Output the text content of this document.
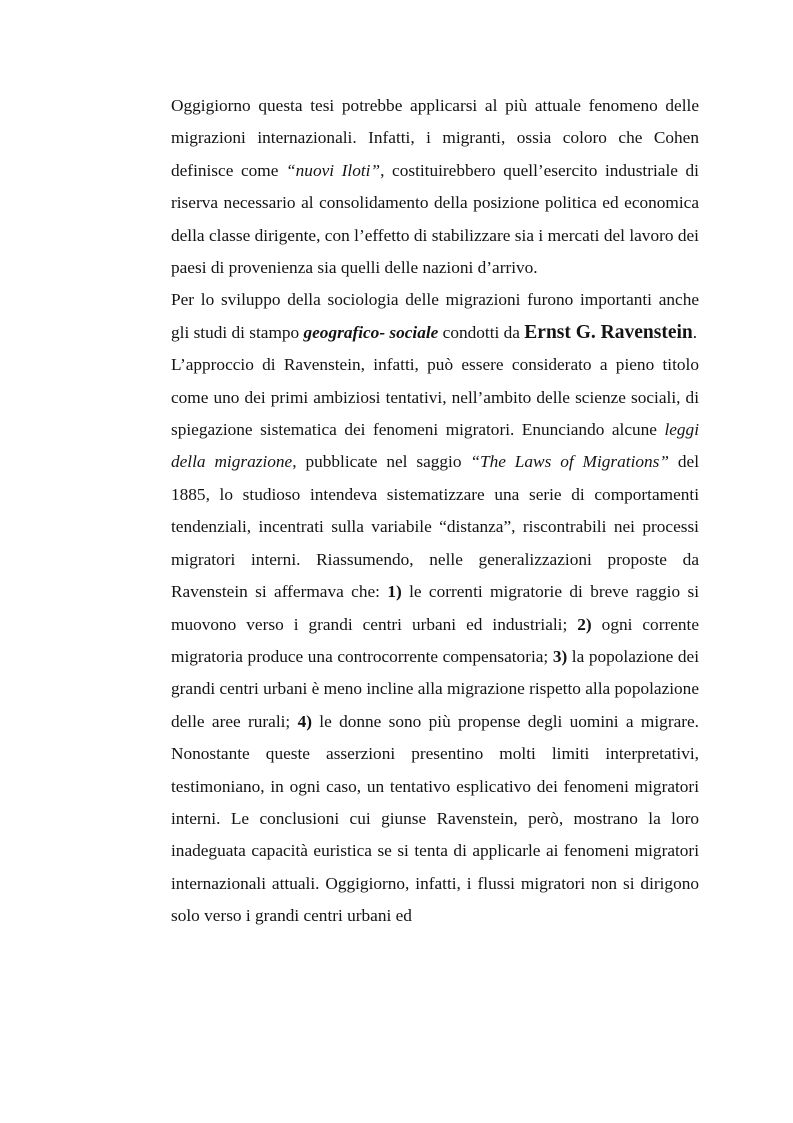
Oggigiorno questa tesi potrebbe applicarsi al più attuale fenomeno delle migrazioni internazionali. Infatti, i migranti, ossia coloro che Cohen definisce come “nuovi Iloti”, costituirebbero quell’esercito industriale di riserva necessario al consolidamento della posizione politica ed economica della classe dirigente, con l’effetto di stabilizzare sia i mercati del lavoro dei paesi di provenienza sia quelli delle nazioni d’arrivo.

Per lo sviluppo della sociologia delle migrazioni furono importanti anche gli studi di stampo geografico- sociale condotti da Ernst G. Ravenstein.

L’approccio di Ravenstein, infatti, può essere considerato a pieno titolo come uno dei primi ambiziosi tentativi, nell’ambito delle scienze sociali, di spiegazione sistematica dei fenomeni migratori. Enunciando alcune leggi della migrazione, pubblicate nel saggio “The Laws of Migrations” del 1885, lo studioso intendeva sistematizzare una serie di comportamenti tendenziali, incentrati sulla variabile “distanza”, riscontrabili nei processi migratori interni. Riassumendo, nelle generalizzazioni proposte da Ravenstein si affermava che: 1) le correnti migratorie di breve raggio si muovono verso i grandi centri urbani ed industriali; 2) ogni corrente migratoria produce una controcorrente compensatoria; 3) la popolazione dei grandi centri urbani è meno incline alla migrazione rispetto alla popolazione delle aree rurali; 4) le donne sono più propense degli uomini a migrare. Nonostante queste asserzioni presentino molti limiti interpretativi, testimoniano, in ogni caso, un tentativo esplicativo dei fenomeni migratori interni. Le conclusioni cui giunse Ravenstein, però, mostrano la loro inadeguata capacità euristica se si tenta di applicarle ai fenomeni migratori internazionali attuali. Oggigiorno, infatti, i flussi migratori non si dirigono solo verso i grandi centri urbani ed
